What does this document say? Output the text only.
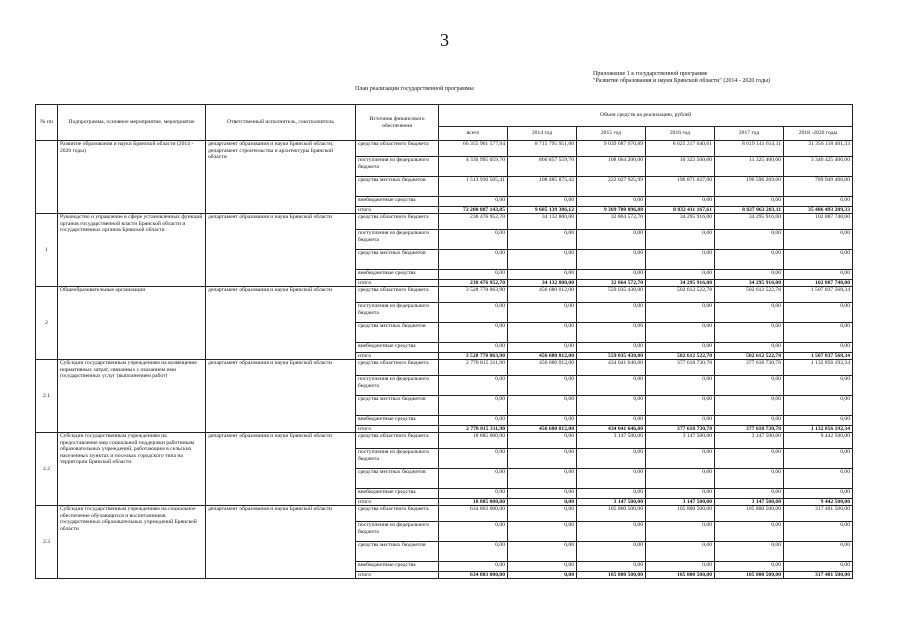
3
Приложение 1 к государственной программе
"Развитие образования и науки Брянской области" (2014 - 2020 годы)
План реализации государственной программы
№ пп	Подпрограмма, основное мероприятие, мероприятие	Ответственный исполнитель, соисполнитель	Источник финансового обеспечения	Объем средств на реализацию, рублей					
				всего	2014 год	2015 год	2016 год	2017 год	2018 -2020 годы
	Развитие образования и науки Брянской области (2014 - 2020 годы)	департамент образования и науки Брянской области, департамент строительства и архитектуры Брянской области	средства областного бюджета	66 355 961 577,94	8 715 795 951,00	9 039 687 970,89	8 625 217 640,61	8 619 141 614,11	31 356 118 401,33
			поступления из федерального бюджета	4 330 995 059,70	860 857 559,70	108 064 200,00	10 322 500,00	11 325 400,00	3 340 425 400,00
			средства местных бюджетов	1 513 930 505,41	108 485 875,42	222 027 925,99	196 871 027,00	196 596 269,00	789 949 408,00
			внебюджетные средства	0,00	0,00	0,00	0,00	0,00	0,00
			итого	72 200 887 143,05	9 685 139 386,12	9 369 780 096,88	8 832 411 167,61	8 827 063 283,11	35 486 493 209,33
1	Руководство и управление в сфере установленных функций органов государственной власти Брянской области и государственных органов Брянской области	департамент образования и науки Брянской области	средства областного бюджета	238 476 952,70	34 132 800,00	32 864 572,70	34 295 916,00	34 295 916,00	102 887 748,00
			поступления из федерального бюджета	0,00	0,00	0,00	0,00	0,00	0,00
			средства местных бюджетов	0,00	0,00	0,00	0,00	0,00	0,00
			внебюджетные средства	0,00	0,00	0,00	0,00	0,00	0,00
			итого	238 476 952,70	34 132 800,00	32 864 572,70	34 295 916,00	34 295 916,00	102 887 748,00
2	Общеобразовательные организации	департамент образования и науки Брянской области	средства областного бюджета	3 528 778 063,90	456 680 012,00	559 035 438,00	502 612 522,78	502 612 522,78	1 507 837 568,34
			поступления из федерального бюджета	0,00	0,00	0,00	0,00	0,00	0,00
			средства местных бюджетов	0,00	0,00	0,00	0,00	0,00	0,00
			внебюджетные средства	0,00	0,00	0,00	0,00	0,00	0,00
			итого	3 528 778 063,90	456 680 012,00	559 035 438,00	502 612 522,78	502 612 522,78	1 507 837 568,34
2.1	Субсидии государственным учреждениям на возмещение нормативных затрат, связанных с оказанием ими государственных услуг (выполнением работ)	департамент образования и науки Брянской области	средства областного бюджета	2 778 815 311,90	456 680 012,00	434 041 646,00	377 618 730,78	377 618 730,78	1 132 856 192,34
			поступления из федерального бюджета	0,00	0,00	0,00	0,00	0,00	0,00
			средства местных бюджетов	0,00	0,00	0,00	0,00	0,00	0,00
			внебюджетные средства	0,00	0,00	0,00	0,00	0,00	0,00
			итого	2 778 815 311,90	456 680 012,00	434 041 646,00	377 618 730,78	377 618 730,78	1 132 856 192,34
2.2	Субсидии государственным учреждениям на предоставление мер социальной поддержки работникам образовательных учреждений, работающим в сельских населенных пунктах и поселках городского типа на территории Брянской области	департамент образования и науки Брянской области	средства областного бюджета	18 885 000,00	0,00	3 147 500,00	3 147 500,00	3 147 500,00	9 442 500,00
			поступления из федерального бюджета	0,00	0,00	0,00	0,00	0,00	0,00
			средства местных бюджетов	0,00	0,00	0,00	0,00	0,00	0,00
			внебюджетные средства	0,00	0,00	0,00	0,00	0,00	0,00
			итого	18 885 000,00	0,00	3 147 500,00	3 147 500,00	3 147 500,00	9 442 500,00
2.3	Субсидии государственным учреждениям на социальное обеспечение обучающихся и воспитанников государственных образовательных учреждений Брянской области	департамент образования и науки Брянской области	средства областного бюджета	634 803 000,00	0,00	105 800 500,00	105 800 500,00	105 800 500,00	317 401 500,00
			поступления из федерального бюджета	0,00	0,00	0,00	0,00	0,00	0,00
			средства местных бюджетов	0,00	0,00	0,00	0,00	0,00	0,00
			внебюджетные средства	0,00	0,00	0,00	0,00	0,00	0,00
			итого	634 803 000,00	0,00	105 800 500,00	105 800 500,00	105 800 500,00	317 401 500,00
